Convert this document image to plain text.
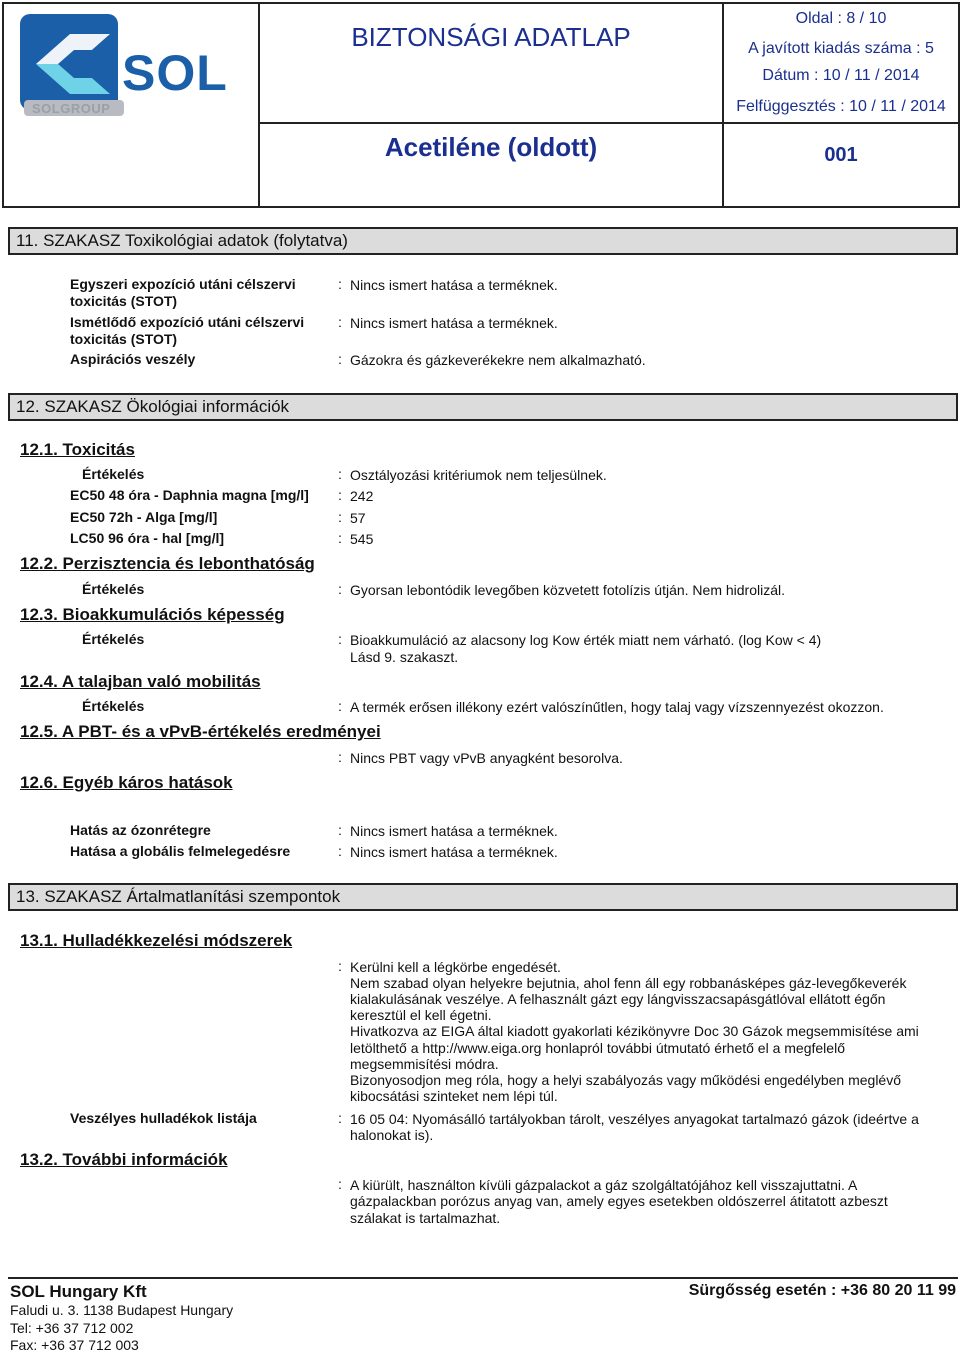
SOL
SOLGROUP
BIZTONSÁGI ADATLAP
Acetiléne (oldott)
Oldal : 8 / 10
A javított kiadás száma : 5
Dátum : 10 / 11 / 2014
Felfüggesztés : 10 / 11 / 2014
001
11. SZAKASZ Toxikológiai adatok (folytatva)
Egyszeri expozíció utáni célszervi toxicitás (STOT)
: Nincs ismert hatása a terméknek.
Ismétlődő expozíció utáni célszervi toxicitás (STOT)
: Nincs ismert hatása a terméknek.
Aspirációs veszély	: Gázokra és gázkeverékekre nem alkalmazható.
12. SZAKASZ Ökológiai információk
12.1. Toxicitás
Értékelés	: Osztályozási kritériumok nem teljesülnek.
EC50 48 óra - Daphnia magna [mg/l] : 242
EC50 72h - Alga [mg/l]	: 57
LC50 96 óra - hal [mg/l]	: 545
12.2. Perzisztencia és lebonthatóság
Értékelés	: Gyorsan lebontódik levegőben közvetett fotolízis útján. Nem hidrolizál.
12.3. Bioakkumulációs képesség
Értékelés	: Bioakkumuláció az alacsony log Kow érték miatt nem várható. (log Kow < 4)
Lásd 9. szakaszt.
12.4. A talajban való mobilitás
Értékelés	: A termék erősen illékony ezért valószínűtlen, hogy talaj vagy vízszennyezést okozzon.
12.5. A PBT- és a vPvB-értékelés eredményei
: Nincs PBT vagy vPvB anyagként besorolva.
12.6. Egyéb káros hatások
Hatás az ózonrétegre	: Nincs ismert hatása a terméknek.
Hatása a globális felmelegedésre	: Nincs ismert hatása a terméknek.
13. SZAKASZ Ártalmatlanítási szempontok
13.1. Hulladékkezelési módszerek
: Kerülni kell a légkörbe engedését.
Nem szabad olyan helyekre bejutnia, ahol fenn áll egy robbanásképes gáz-levegőkeverék
kialakulásának veszélye. A felhasznált gázt egy lángvisszacsapásgátlóval ellátott égőn
keresztül el kell égetni.
Hivatkozva az EIGA által kiadott gyakorlati kézikönyvre Doc 30 Gázok megsemmisítése ami
letölthető a http://www.eiga.org honlapról további útmutató érhető el a megfelelő
megsemmisítési módra.
Bizonyosodjon meg róla, hogy a helyi szabályozás vagy működési engedélyben meglévő
kibocsátási szinteket nem lépi túl.
Veszélyes hulladékok listája	: 16 05 04: Nyomásálló tartályokban tárolt, veszélyes anyagokat tartalmazó gázok (ideértve a
halonokat is).
13.2. További információk
: A kiürült, használton kívüli gázpalackot a gáz szolgáltatójához kell visszajuttatni. A
gázpalackban porózus anyag van, amely egyes esetekben oldószerrel átitatott azbeszt
szálakat is tartalmazhat.
SOL Hungary Kft
Faludi u. 3. 1138 Budapest Hungary
Tel: +36 37 712 002
Fax: +36 37 712 003
Sürgősség esetén : +36 80 20 11 99
